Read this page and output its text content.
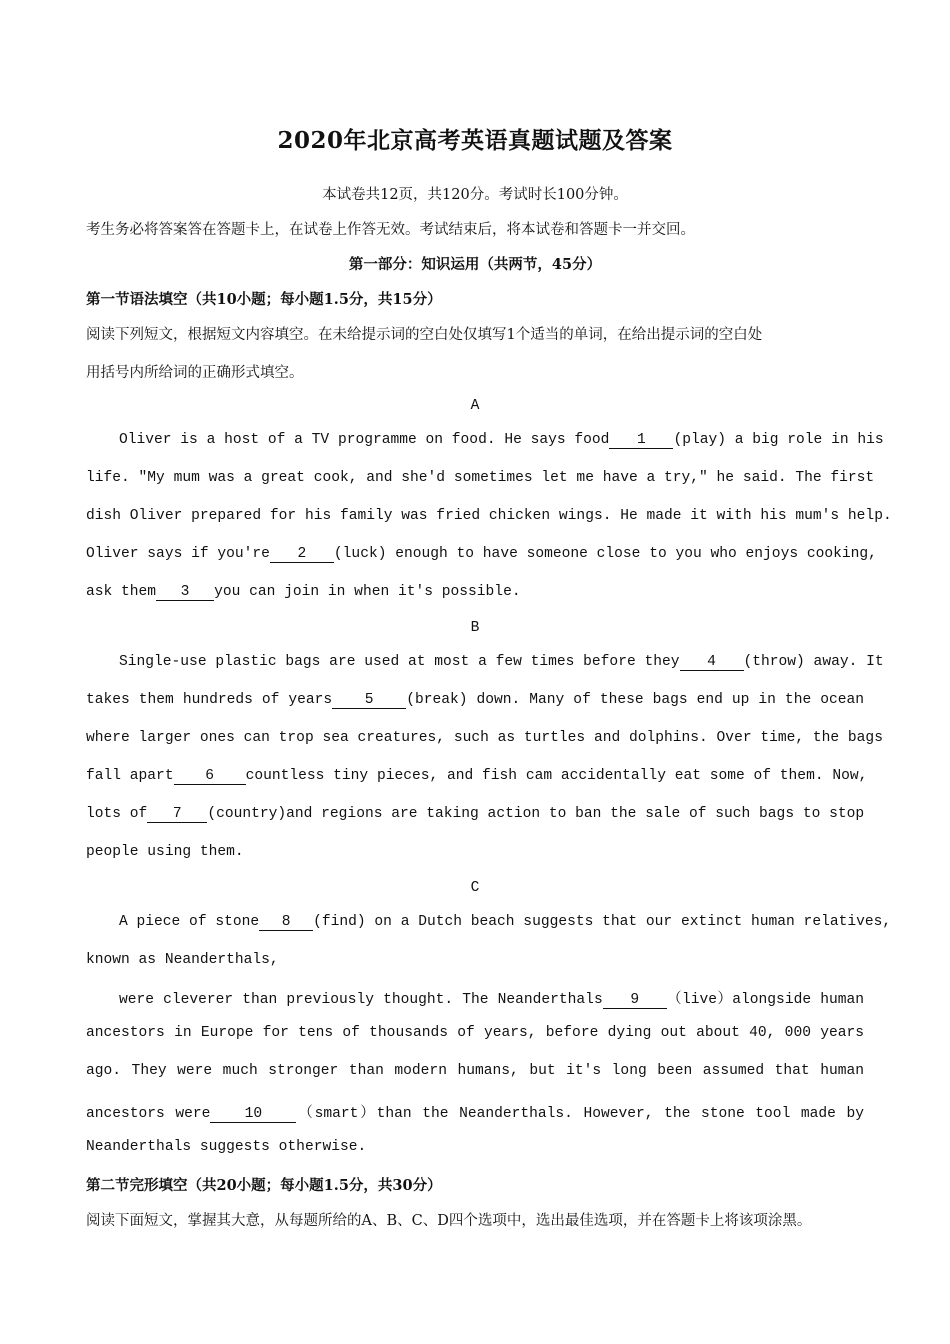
2020年北京高考英语真题试题及答案
本试卷共12页，共120分。考试时长100分钟。
考生务必将答案答在答题卡上，在试卷上作答无效。考试结束后，将本试卷和答题卡一并交回。
第一部分：知识运用（共两节，45分）
第一节语法填空（共10小题；每小题1.5分，共15分）
阅读下列短文，根据短文内容填空。在未给提示词的空白处仅填写1个适当的单词，在给出提示词的空白处
用括号内所给词的正确形式填空。
A
Oliver is a host of a TV programme on food. He says food 1 (play) a big role in his
life. "My mum was a great cook, and she'd sometimes let me have a try," he said. The first
dish Oliver prepared for his family was fried chicken wings. He made it with his mum's help.
Oliver says if you're 2 (luck) enough to have someone close to you who enjoys cooking,
ask them 3 you can join in when it's possible.
B
Single-use plastic bags are used at most a few times before they 4 (throw) away. It
takes them hundreds of years 5 (break) down. Many of these bags end up in the ocean
where larger ones can trop sea creatures, such as turtles and dolphins. Over time, the bags
fall apart 6 countless tiny pieces, and fish cam accidentally eat some of them. Now,
lots of 7 (country)and regions are taking action to ban the sale of such bags to stop
people using them.
C
A piece of stone 8 (find) on a Dutch beach suggests that our extinct human relatives,
known as Neanderthals,
were cleverer than previously thought. The Neanderthals 9 （live）alongside human
ancestors in Europe for tens of thousands of years, before dying out about 40, 000 years
ago. They were much stronger than modern humans, but it's long been assumed that human
ancestors were 10 （smart）than the Neanderthals. However, the stone tool made by
Neanderthals suggests otherwise.
第二节完形填空（共20小题；每小题1.5分，共30分）
阅读下面短文，掌握其大意，从每题所给的A、B、C、D四个选项中，选出最佳选项，并在答题卡上将该项涂黑。
